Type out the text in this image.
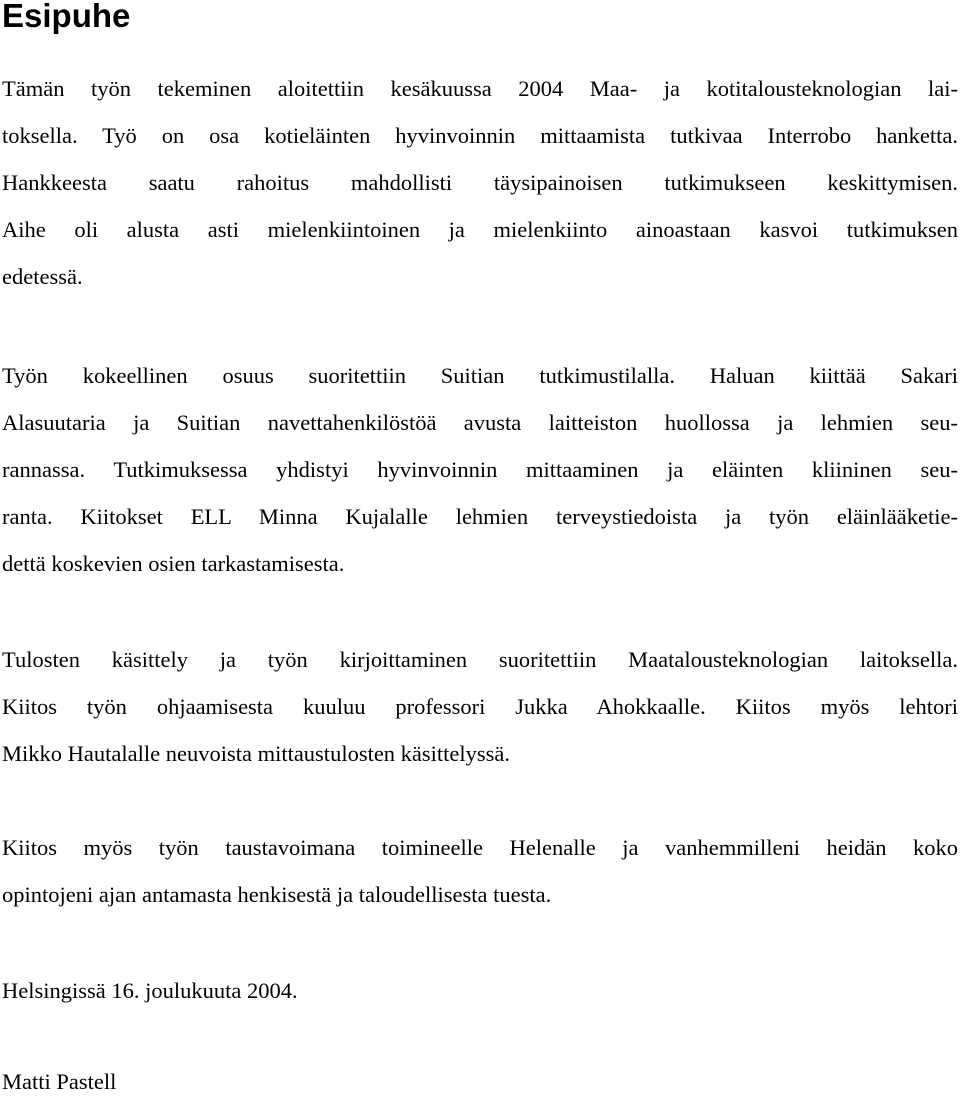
Esipuhe
Tämän työn tekeminen aloitettiin kesäkuussa 2004 Maa- ja kotitalousteknologian lai-
toksella. Työ on osa kotieläinten hyvinvoinnin mittaamista tutkivaa Interrobo hanketta.
Hankkeesta saatu rahoitus mahdollisti täysipainoisen tutkimukseen keskittymisen.
Aihe oli alusta asti mielenkiintoinen ja mielenkiinto ainoastaan kasvoi tutkimuksen
edetessä.
Työn kokeellinen osuus suoritettiin Suitian tutkimustilalla. Haluan kiittää Sakari
Alasuutaria ja Suitian navettahenkilöstöä avusta laitteiston huollossa ja lehmien seu-
rannassa. Tutkimuksessa yhdistyi hyvinvoinnin mittaaminen ja eläinten kliininen seu-
ranta. Kiitokset ELL Minna Kujalalle lehmien terveystiedoista ja työn eläinlääketie-
dettä koskevien osien tarkastamisesta.
Tulosten käsittely ja työn kirjoittaminen suoritettiin Maatalousteknologian laitoksella.
Kiitos työn ohjaamisesta kuuluu professori Jukka Ahokkaalle. Kiitos myös lehtori
Mikko Hautalalle neuvoista mittaustulosten käsittelyssä.
Kiitos myös työn taustavoimana toimineelle Helenalle ja vanhemmilleni heidän koko
opintojeni ajan antamasta henkisestä ja taloudellisesta tuesta.
Helsingissä 16. joulukuuta 2004.
Matti Pastell
